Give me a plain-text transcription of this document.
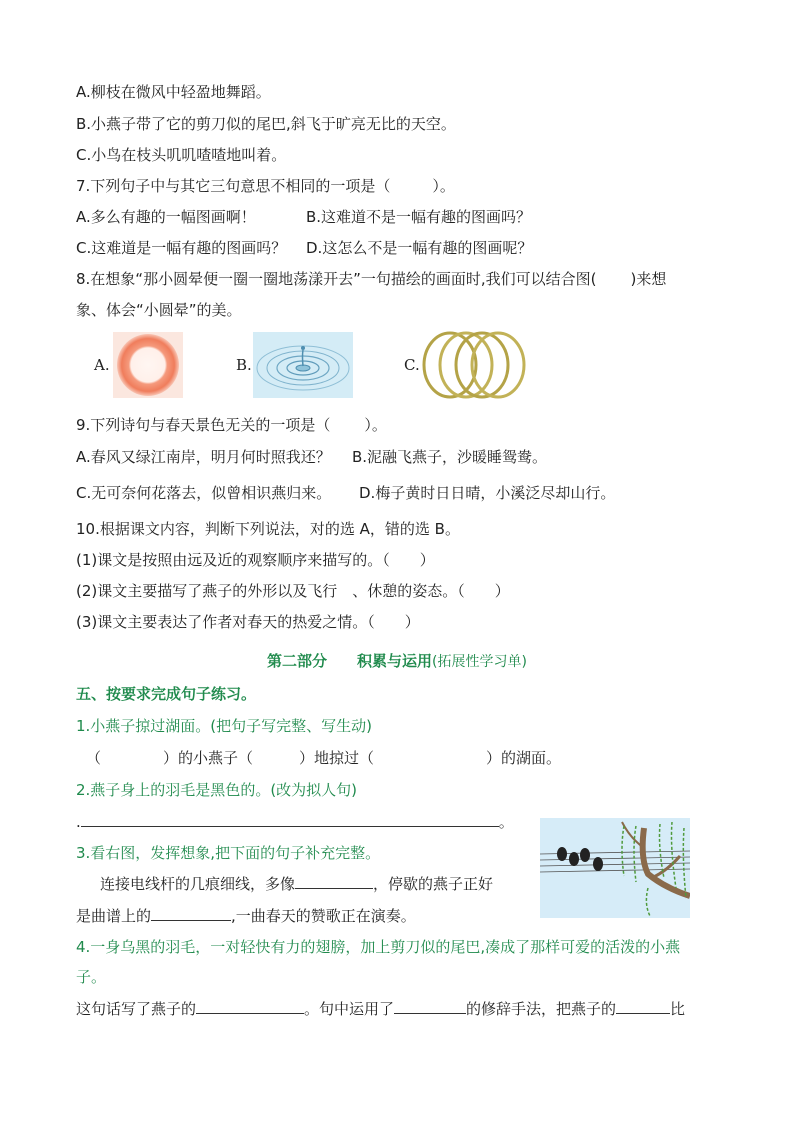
A.柳枝在微风中轻盈地舞蹈。
B.小燕子带了它的剪刀似的尾巴,斜飞于旷亮无比的天空。
C.小鸟在枝头叽叽喳喳地叫着。
7.下列句子中与其它三句意思不相同的一项是（	）。
A.多么有趣的一幅图画啊！	B.这难道不是一幅有趣的图画吗？
C.这难道是一幅有趣的图画吗？ D.这怎么不是一幅有趣的图画呢？
8.在想象“那小圆晕便一圈一圈地荡漾开去”一句描绘的画面时,我们可以结合图( )来想
象、体会“小圆晕”的美。
A.	B.	C.
9.下列诗句与春天景色无关的一项是（ ）。
A.春风又绿江南岸，明月何时照我还？ B.泥融飞燕子，沙暖睡鸳鸯。
C.无可奈何花落去，似曾相识燕归来。 D.梅子黄时日日晴，小溪泛尽却山行。
10.根据课文内容，判断下列说法，对的选 A，错的选 B。
(1)课文是按照由远及近的观察顺序来描写的。（ ）
(2)课文主要描写了燕子的外形以及飞行　、休憩的姿态。（ ）
(3)课文主要表达了作者对春天的热爱之情。（ ）
第二部分　　积累与运用(拓展性学习单)
五、按要求完成句子练习。
1.小燕子掠过湖面。(把句子写完整、写生动)
（	）的小燕子（	）地掠过（	）的湖面。
2.燕子身上的羽毛是黑色的。(改为拟人句)
.	。
3.看右图，发挥想象,把下面的句子补充完整。
连接电线杆的几痕细线，多像	，停歇的燕子正好
是曲谱上的	,一曲春天的赞歌正在演奏。
4.一身乌黑的羽毛，一对轻快有力的翅膀，加上剪刀似的尾巴,凑成了那样可爱的活泼的小燕
子。
这句话写了燕子的	。句中运用了	的修辞手法，把燕子的	比
